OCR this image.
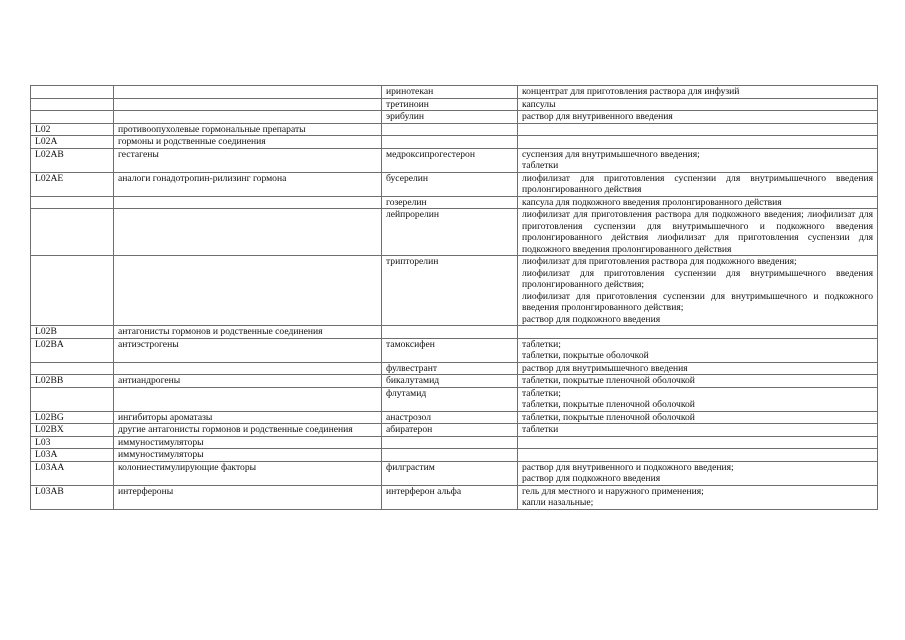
		иринотекан	концентрат для приготовления раствора для инфузий

		третиноин	капсулы

		эрибулин	раствор для внутривенного введения

L02	противоопухолевые гормональные препараты		

L02A	гормоны и родственные соединения		

L02AB	гестагены	медроксипрогестерон	суспензия для внутримышечного введения;
таблетки

L02AE	аналоги гонадотропин-рилизинг гормона	бусерелин	лиофилизат для приготовления суспензии для внутримышечного введения пролонгированного действия

		гозерелин	капсула для подкожного введения пролонгированного действия

		лейпрорелин	лиофилизат для приготовления раствора для подкожного введения; лиофилизат для приготовления суспензии для внутримышечного и подкожного введения пролонгированного действия лиофилизат для приготовления суспензии для подкожного введения пролонгированного действия

		трипторелин	лиофилизат для приготовления раствора для подкожного введения;
лиофилизат для приготовления суспензии для внутримышечного введения пролонгированного действия;
лиофилизат для приготовления суспензии для внутримышечного и подкожного введения пролонгированного действия;
раствор для подкожного введения

L02B	антагонисты гормонов и родственные соединения		

L02BA	антиэстрогены	тамоксифен	таблетки;
таблетки, покрытые оболочкой

		фулвестрант	раствор для внутримышечного введения

L02BB	антиандрогены	бикалутамид	таблетки, покрытые пленочной оболочкой

		флутамид	таблетки;
таблетки, покрытые пленочной оболочкой

L02BG	ингибиторы ароматазы	анастрозол	таблетки, покрытые пленочной оболочкой

L02BX	другие антагонисты гормонов и родственные соединения	абиратерон	таблетки

L03	иммуностимуляторы		

L03A	иммуностимуляторы		

L03AA	колониестимулирующие факторы	филграстим	раствор для внутривенного и подкожного введения;
раствор для подкожного введения

L03AB	интерфероны	интерферон альфа	гель для местного и наружного применения;
капли назальные;
